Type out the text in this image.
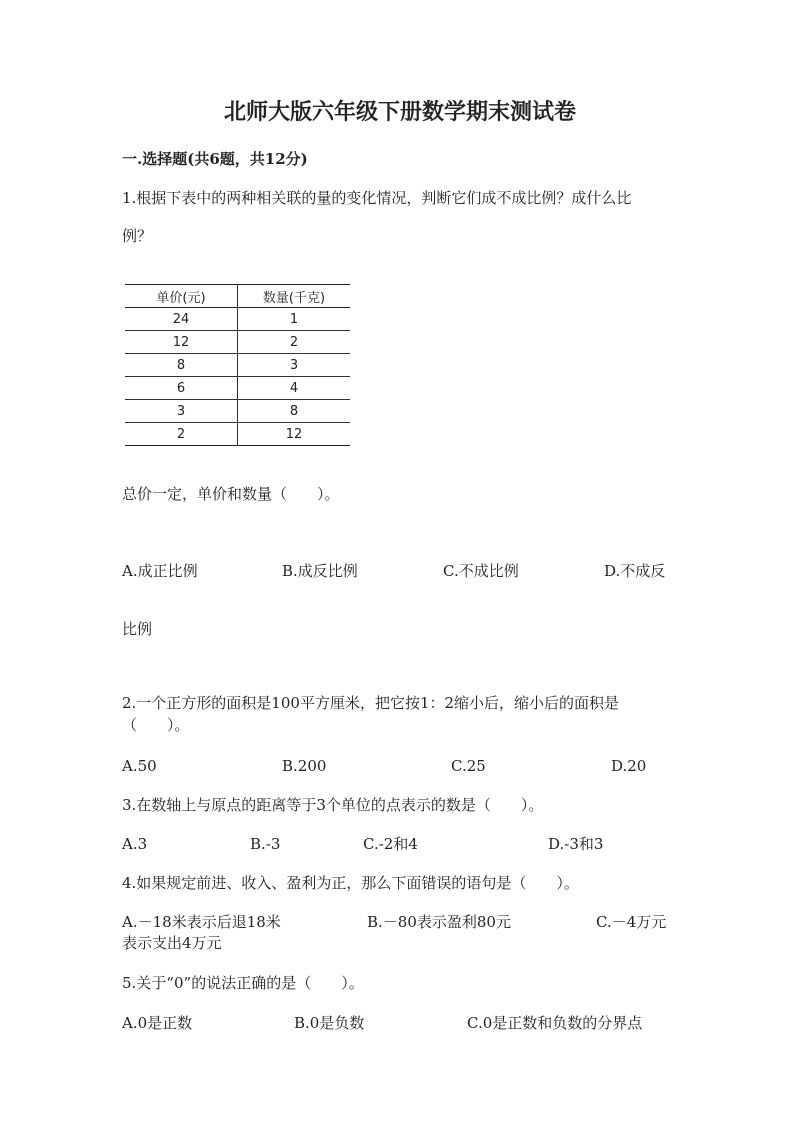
北师大版六年级下册数学期末测试卷
一.选择题(共6题，共12分)
1.根据下表中的两种相关联的量的变化情况，判断它们成不成比例？成什么比
例？
单价(元)	数量(千克)
24	1
12	2
8	3
6	4
3	8
2	12
总价一定，单价和数量（　　）。
A.成正比例	B.成反比例	C.不成比例	D.不成反
比例
2.一个正方形的面积是100平方厘米，把它按1：2缩小后，缩小后的面积是
（　　）。
A.50	B.200	C.25	D.20
3.在数轴上与原点的距离等于3个单位的点表示的数是（　　）。
A.3	B.-3	C.-2和4	D.-3和3
4.如果规定前进、收入、盈利为正，那么下面错误的语句是（　　）。
A.－18米表示后退18米	B.－80表示盈利80元	C.－4万元
表示支出4万元
5.关于“0”的说法正确的是（　　）。
A.0是正数	B.0是负数	C.0是正数和负数的分界点
